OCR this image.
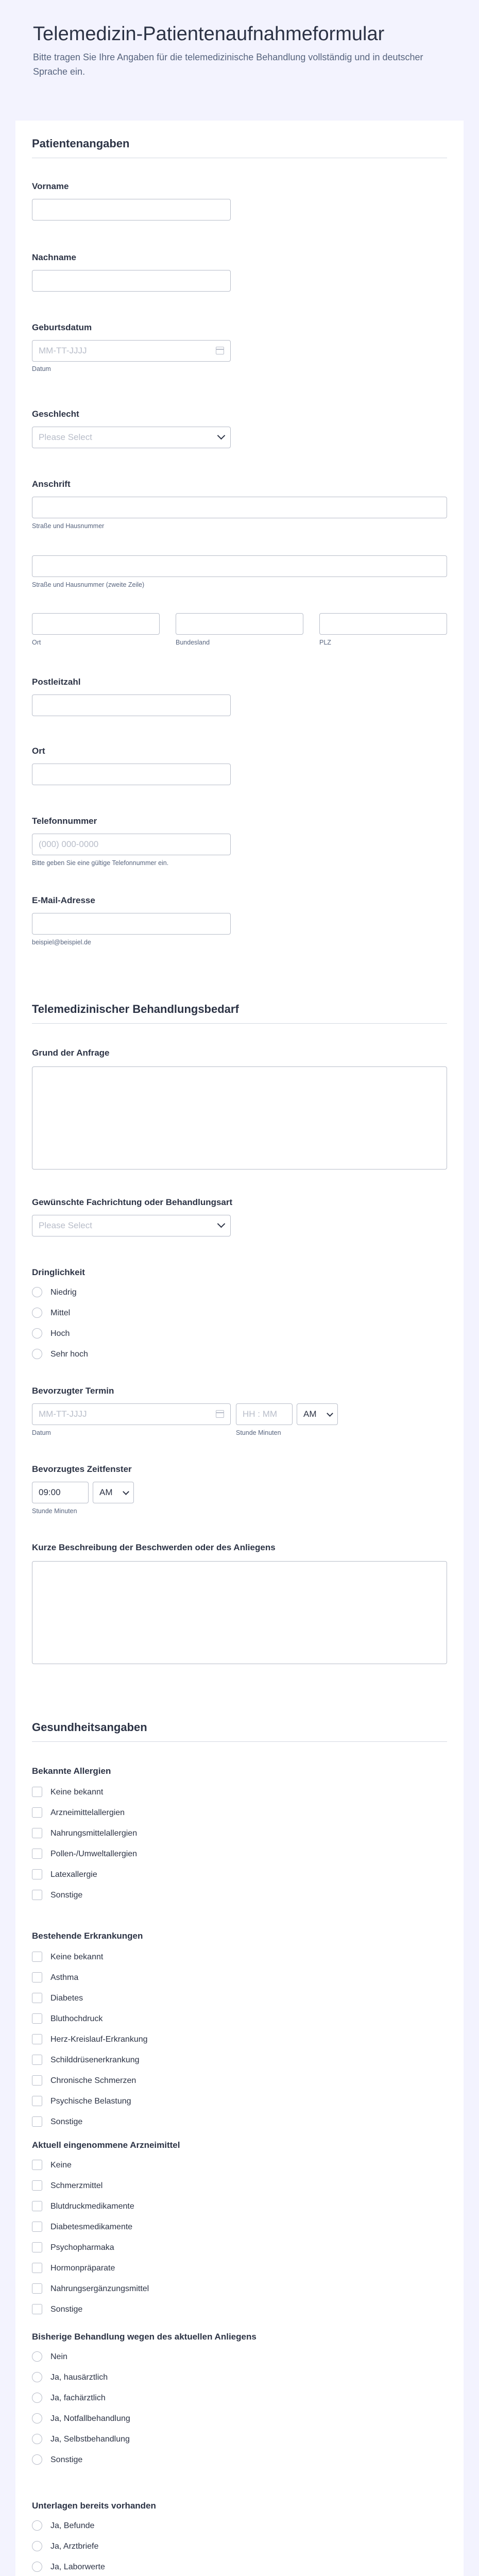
Telemedizin-Patientenaufnahmeformular

Bitte tragen Sie Ihre Angaben für die telemedizinische Behandlung vollständig und in deutscher Sprache ein.

Patientenangaben
Vorname
Nachname
Geburtsdatum
MM-TT-JJJJ
Datum
Geschlecht
Please Select
Anschrift
Straße und Hausnummer
Straße und Hausnummer (zweite Zeile)
Ort	Bundesland	PLZ
Postleitzahl
Ort
Telefonnummer
(000) 000-0000
Bitte geben Sie eine gültige Telefonnummer ein.
E-Mail-Adresse
beispiel@beispiel.de
Telemedizinischer Behandlungsbedarf
Grund der Anfrage
Gewünschte Fachrichtung oder Behandlungsart
Please Select
Dringlichkeit
Niedrig
Mittel
Hoch
Sehr hoch
Bevorzugter Termin
MM-TT-JJJJ	HH : MM	AM
Datum	Stunde Minuten
Bevorzugtes Zeitfenster
09:00	AM
Stunde Minuten
Kurze Beschreibung der Beschwerden oder des Anliegens
Gesundheitsangaben
Bekannte Allergien
Keine bekannt
Arzneimittelallergien
Nahrungsmittelallergien
Pollen-/Umweltallergien
Latexallergie
Sonstige
Bestehende Erkrankungen
Keine bekannt
Asthma
Diabetes
Bluthochdruck
Herz-Kreislauf-Erkrankung
Schilddrüsenerkrankung
Chronische Schmerzen
Psychische Belastung
Sonstige
Aktuell eingenommene Arzneimittel
Keine
Schmerzmittel
Blutdruckmedikamente
Diabetesmedikamente
Psychopharmaka
Hormonpräparate
Nahrungsergänzungsmittel
Sonstige
Bisherige Behandlung wegen des aktuellen Anliegens
Nein
Ja, hausärztlich
Ja, fachärztlich
Ja, Notfallbehandlung
Ja, Selbstbehandlung
Sonstige
Unterlagen bereits vorhanden
Ja, Befunde
Ja, Arztbriefe
Ja, Laborwerte
